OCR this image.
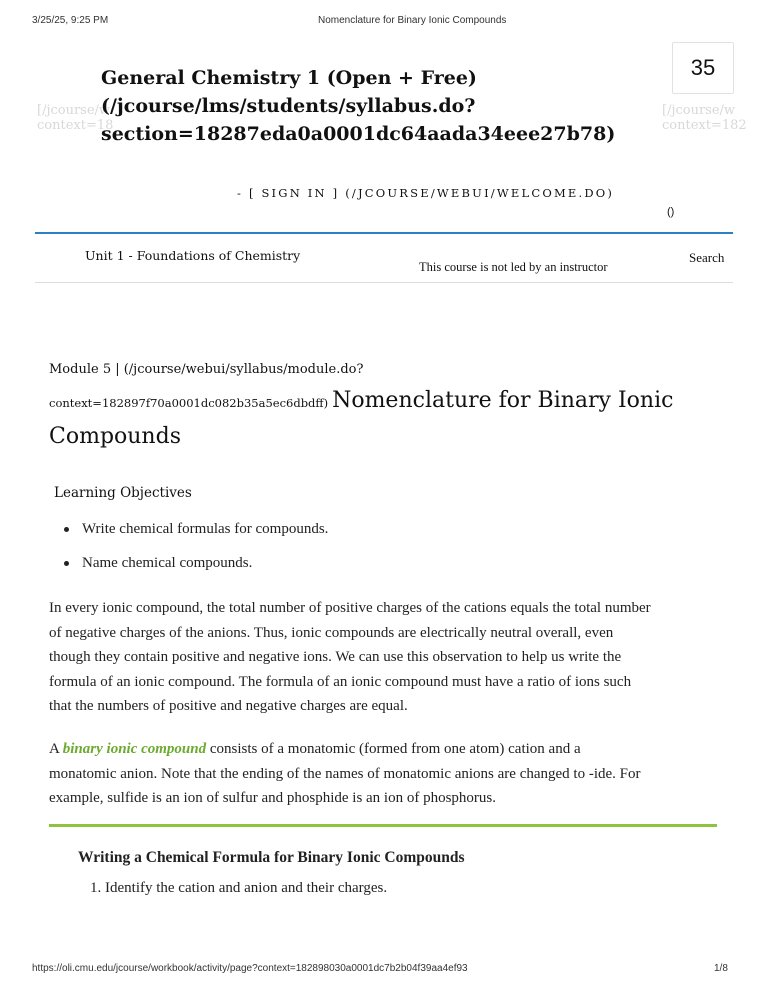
3/25/25, 9:25 PM	Nomenclature for Binary Ionic Compounds
[/jcourse/w
context=18
[/jcourse/w
context=182
General Chemistry 1 (Open + Free)
(/jcourse/lms/students/syllabus.do?
section=18287eda0a0001dc64aada34eee27b78)
35
- [ SIGN IN ] (/JCOURSE/WEBUI/WELCOME.DO)
()
Unit 1 - Foundations of Chemistry
This course is not led by an instructor
Search
Module 5 | (/jcourse/webui/syllabus/module.do?
context=182897f70a0001dc082b35a5ec6dbdff) Nomenclature for Binary Ionic
Compounds
Learning Objectives
Write chemical formulas for compounds.
Name chemical compounds.
In every ionic compound, the total number of positive charges of the cations equals the total number
of negative charges of the anions. Thus, ionic compounds are electrically neutral overall, even
though they contain positive and negative ions. We can use this observation to help us write the
formula of an ionic compound. The formula of an ionic compound must have a ratio of ions such
that the numbers of positive and negative charges are equal.
A binary ionic compound consists of a monatomic (formed from one atom) cation and a
monatomic anion. Note that the ending of the names of monatomic anions are changed to -ide. For
example, sulfide is an ion of sulfur and phosphide is an ion of phosphorus.
Writing a Chemical Formula for Binary Ionic Compounds
1. Identify the cation and anion and their charges.
https://oli.cmu.edu/jcourse/workbook/activity/page?context=182898030a0001dc7b2b04f39aa4ef93	1/8
